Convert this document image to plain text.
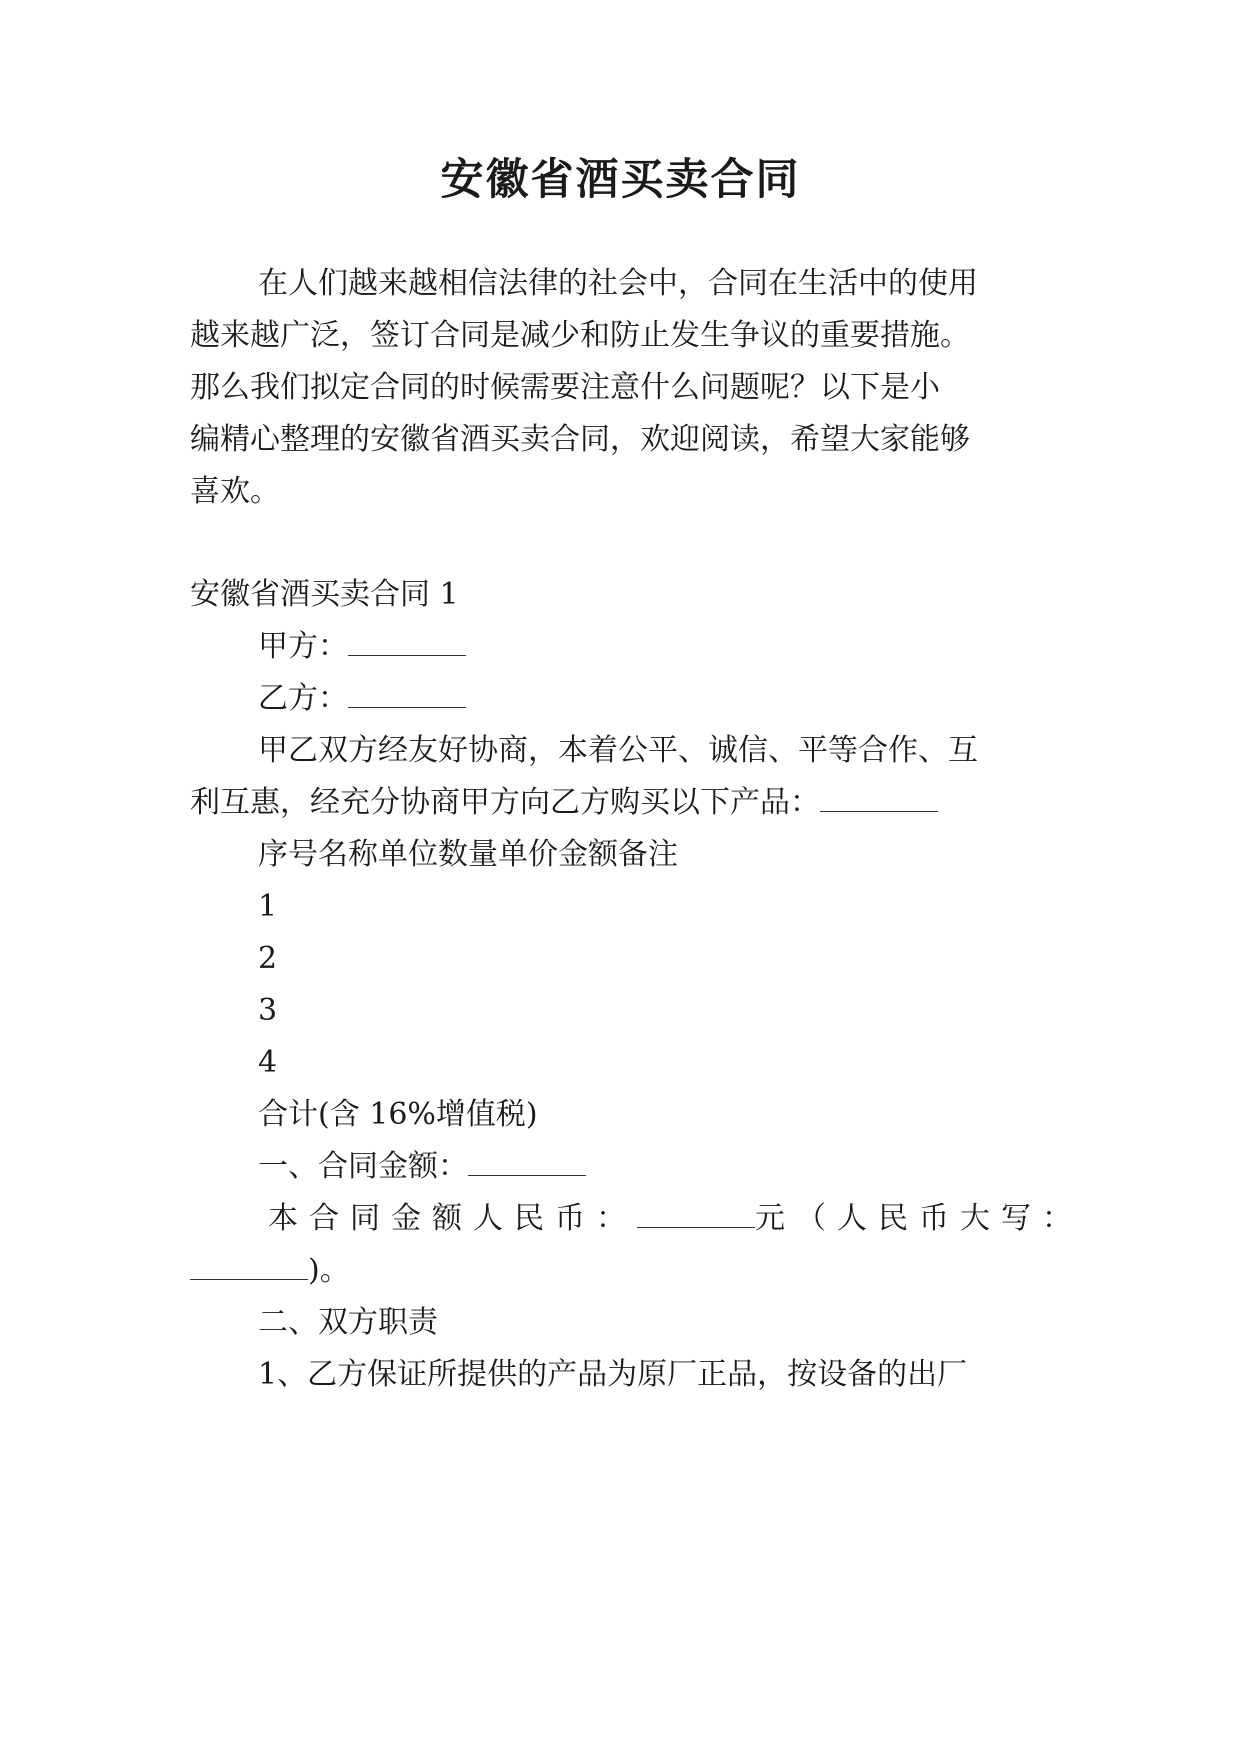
安徽省酒买卖合同

在人们越来越相信法律的社会中，合同在生活中的使用

越来越广泛，签订合同是减少和防止发生争议的重要措施。

那么我们拟定合同的时候需要注意什么问题呢？以下是小

编精心整理的安徽省酒买卖合同，欢迎阅读，希望大家能够

喜欢。

安徽省酒买卖合同 1

甲方：

乙方：

甲乙双方经友好协商，本着公平、诚信、平等合作、互

利互惠，经充分协商甲方向乙方购买以下产品：

序号名称单位数量单价金额备注

1

2

3

4

合计(含 16%增值税)

一、合同金额：

本合同金额人民币：	元（人民币大写：

)。

二、双方职责

1、乙方保证所提供的产品为原厂正品，按设备的出厂
